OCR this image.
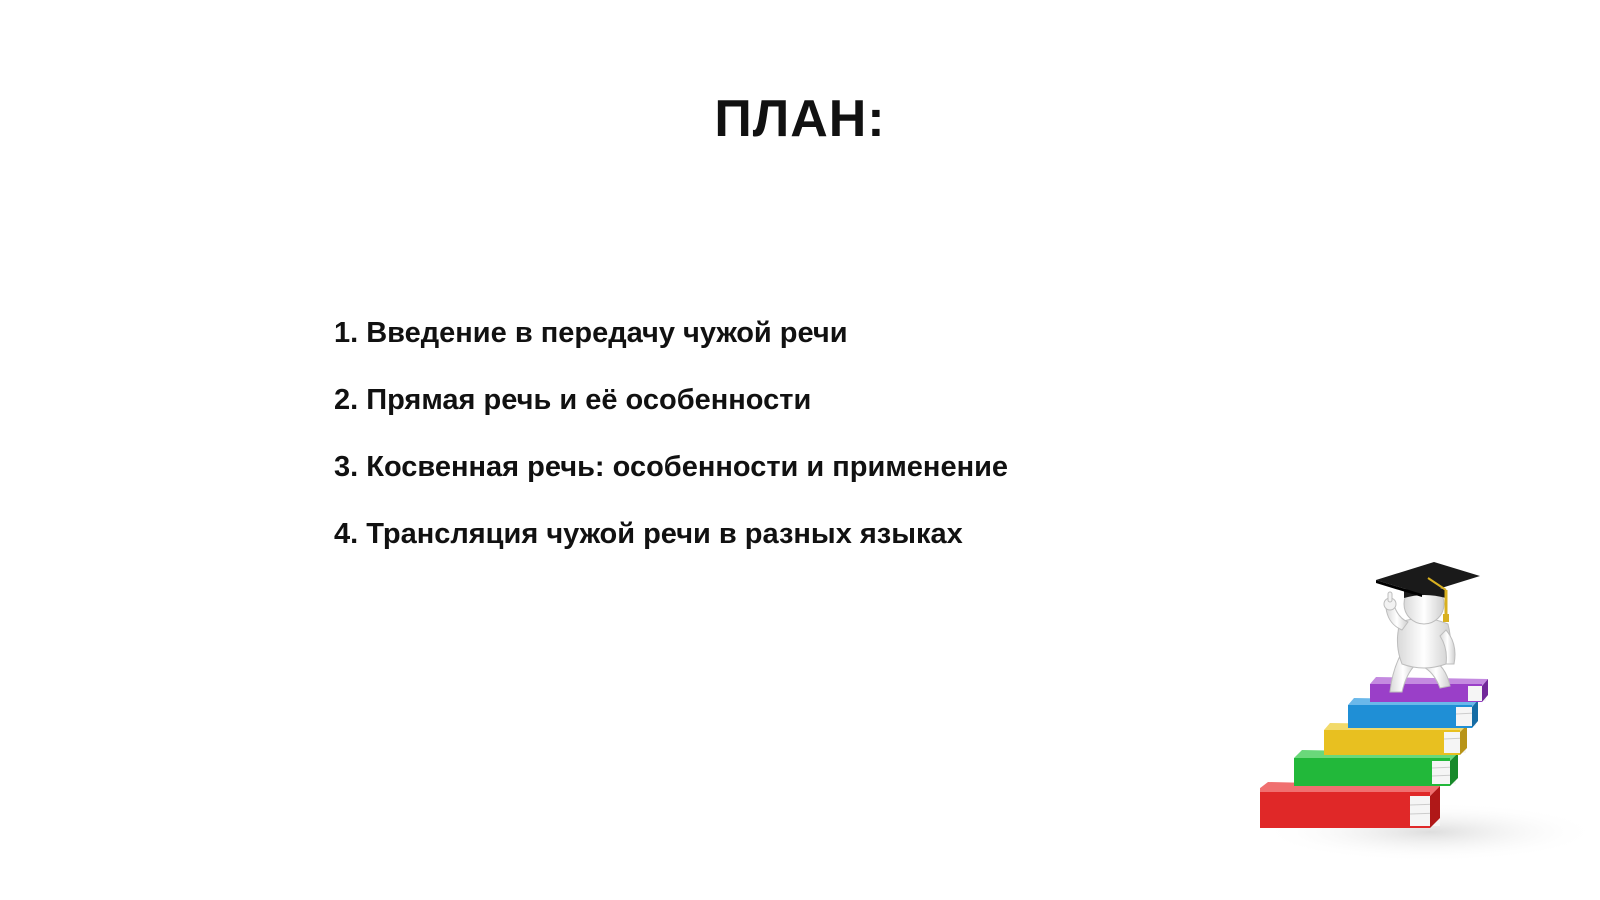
ПЛАН:
1. Введение в передачу чужой речи
2. Прямая речь и её особенности
3. Косвенная речь: особенности и применение
4. Трансляция чужой речи в разных языках
